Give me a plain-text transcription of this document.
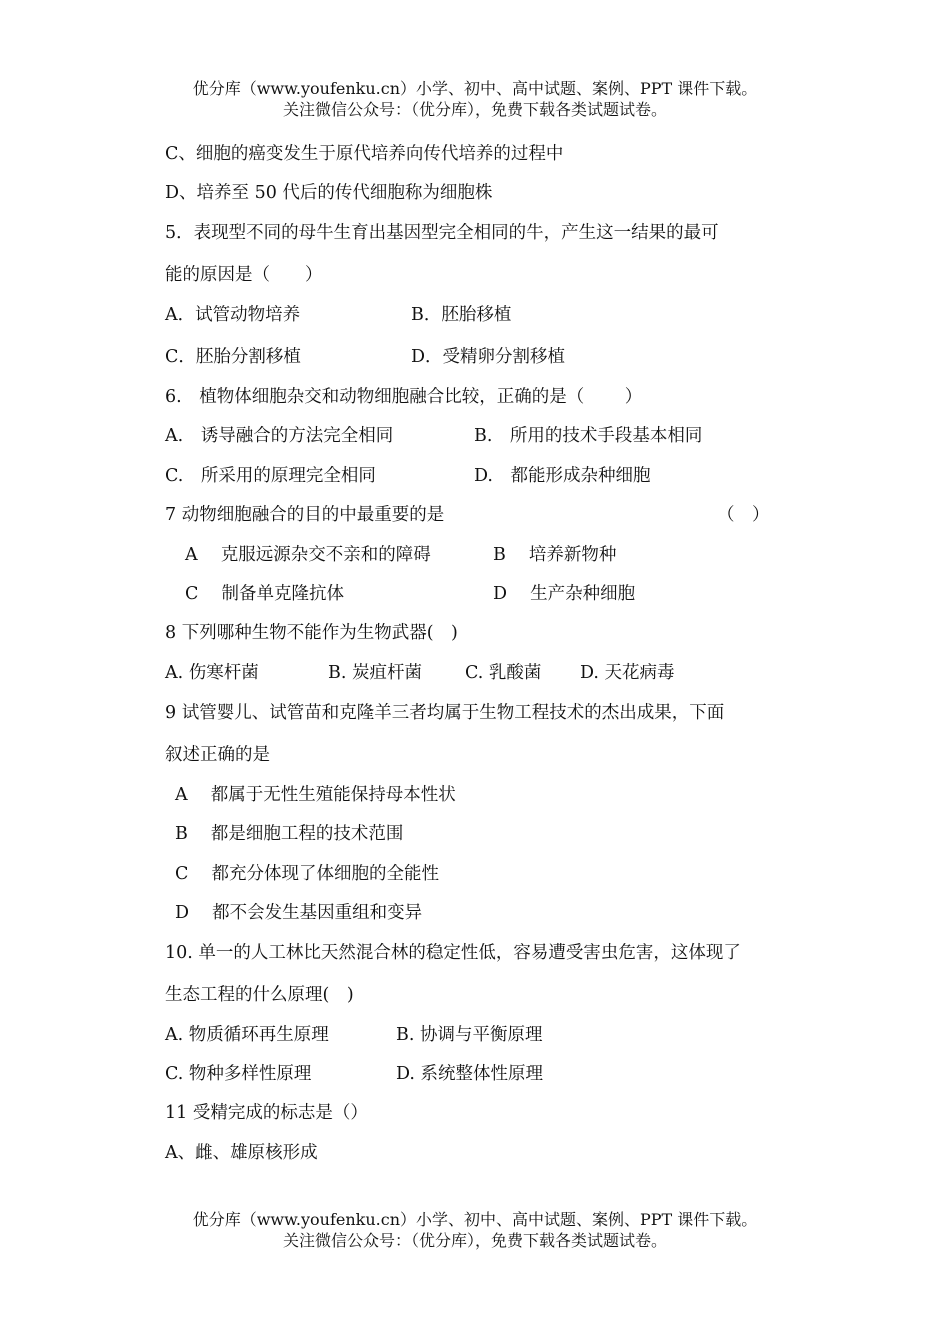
优分库（www.youfenku.cn）小学、初中、高中试题、案例、PPT 课件下载。
关注微信公众号：（优分库），免费下载各类试题试卷。
C、细胞的癌变发生于原代培养向传代培养的过程中
D、培养至 50 代后的传代细胞称为细胞株
5．表现型不同的母牛生育出基因型完全相同的牛，产生这一结果的最可
能的原因是（　　）
A．试管动物培养	B．胚胎移植
C．胚胎分割移植	D．受精卵分割移植
6.　植物体细胞杂交和动物细胞融合比较，正确的是（　　 ）
A.　诱导融合的方法完全相同	B.　所用的技术手段基本相同
C.　所采用的原理完全相同	D.　都能形成杂种细胞
7 动物细胞融合的目的中最重要的是	（　）
A　 克服远源杂交不亲和的障碍	B　 培养新物种
C　 制备单克隆抗体	D　 生产杂种细胞
8 下列哪种生物不能作为生物武器(　)
A. 伤寒杆菌	B. 炭疽杆菌 C. 乳酸菌 D. 天花病毒
9 试管婴儿、试管苗和克隆羊三者均属于生物工程技术的杰出成果，下面
叙述正确的是
A　 都属于无性生殖能保持母本性状
B　 都是细胞工程的技术范围
C　 都充分体现了体细胞的全能性
D　 都不会发生基因重组和变异
10. 单一的人工林比天然混合林的稳定性低，容易遭受害虫危害，这体现了
生态工程的什么原理(　)
A. 物质循环再生原理	B. 协调与平衡原理
C. 物种多样性原理	D. 系统整体性原理
11 受精完成的标志是（）
A、雌、雄原核形成
优分库（www.youfenku.cn）小学、初中、高中试题、案例、PPT 课件下载。
关注微信公众号：（优分库），免费下载各类试题试卷。
